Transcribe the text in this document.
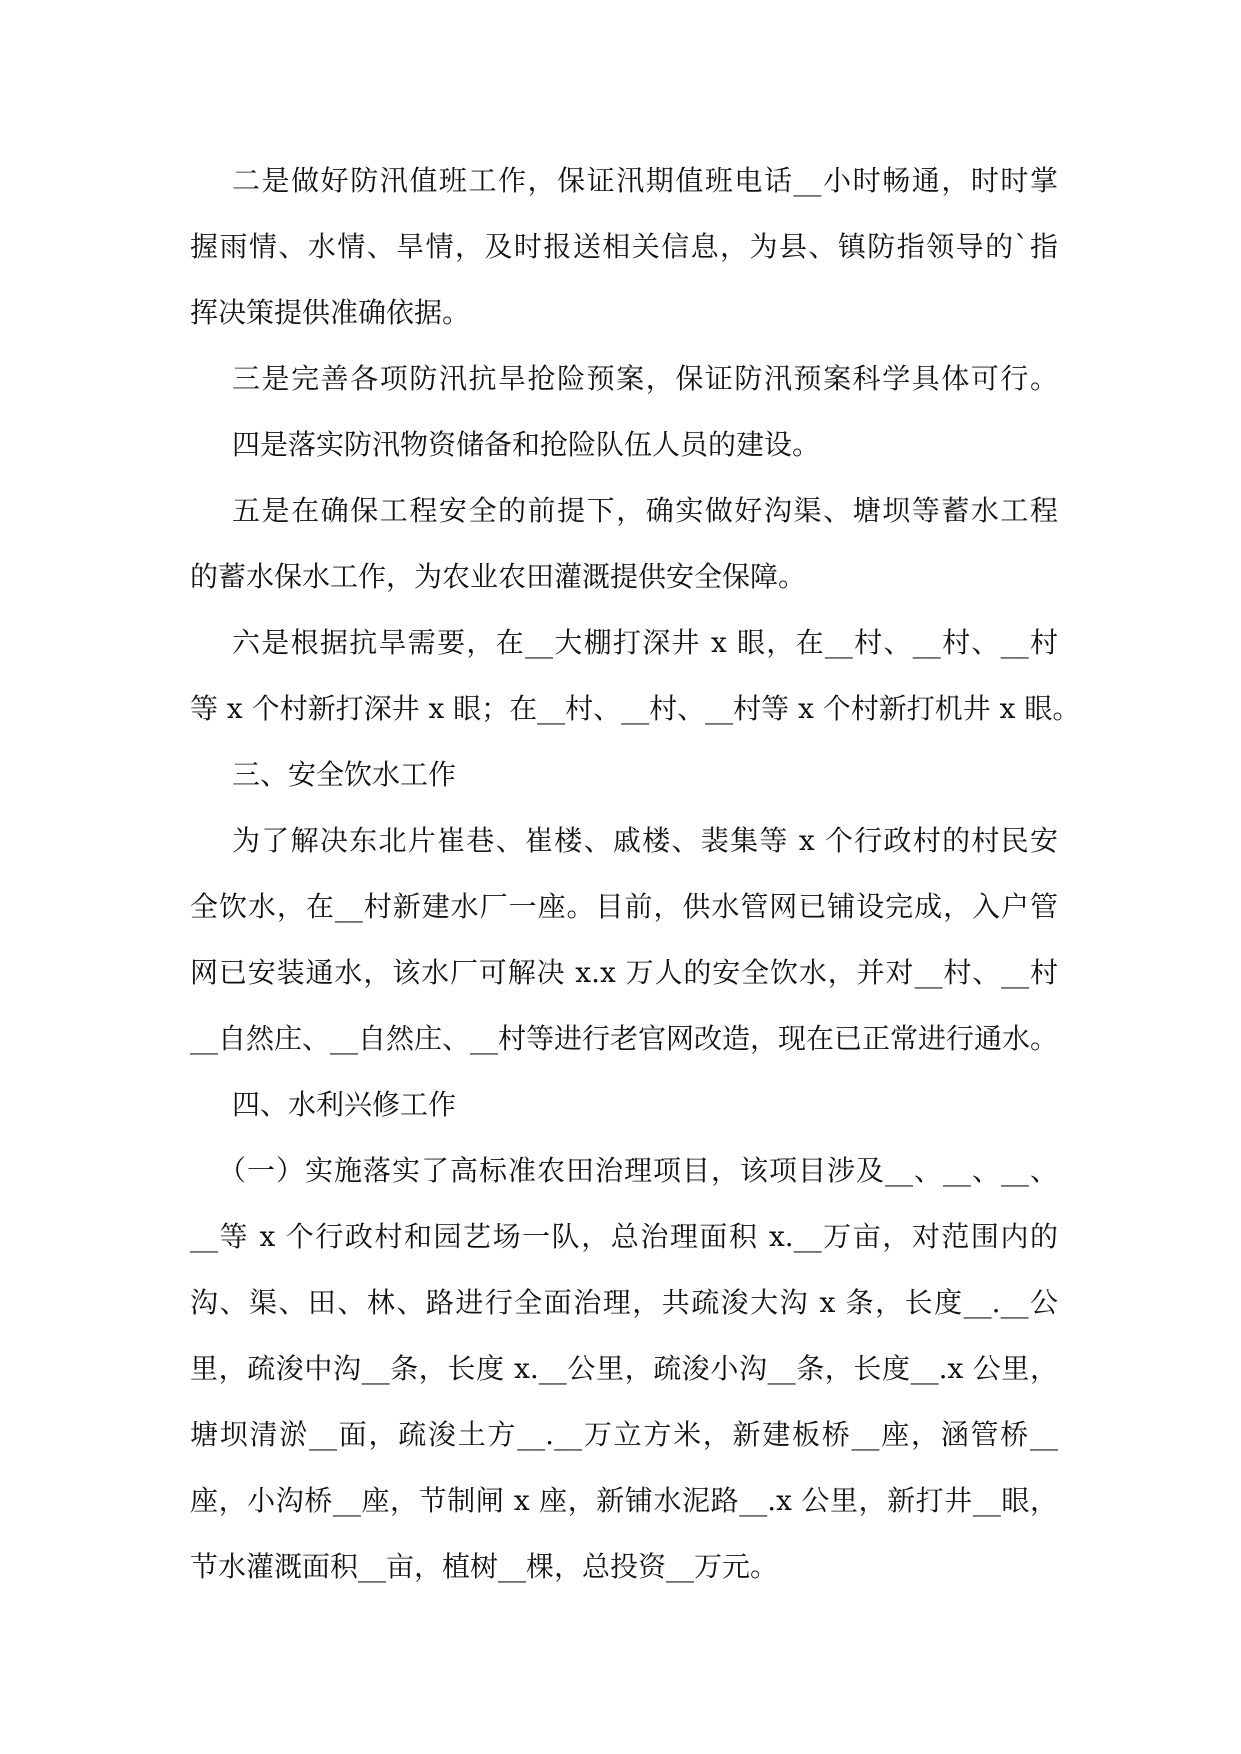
二是做好防汛值班工作，保证汛期值班电话__小时畅通，时时掌
握雨情、水情、旱情，及时报送相关信息，为县、镇防指领导的`指
挥决策提供准确依据。
三是完善各项防汛抗旱抢险预案，保证防汛预案科学具体可行。
四是落实防汛物资储备和抢险队伍人员的建设。
五是在确保工程安全的前提下，确实做好沟渠、塘坝等蓄水工程
的蓄水保水工作，为农业农田灌溉提供安全保障。
六是根据抗旱需要，在__大棚打深井 x 眼，在__村、__村、__村
等 x 个村新打深井 x 眼；在__村、__村、__村等 x 个村新打机井 x 眼。
三、安全饮水工作
为了解决东北片崔巷、崔楼、戚楼、裴集等 x 个行政村的村民安
全饮水，在__村新建水厂一座。目前，供水管网已铺设完成，入户管
网已安装通水，该水厂可解决 x.x 万人的安全饮水，并对__村、__村
__自然庄、__自然庄、__村等进行老官网改造，现在已正常进行通水。
四、水利兴修工作
（一）实施落实了高标准农田治理项目，该项目涉及__、__、__、
__等 x 个行政村和园艺场一队，总治理面积 x.__万亩，对范围内的
沟、渠、田、林、路进行全面治理，共疏浚大沟 x 条，长度__.__公
里，疏浚中沟__条，长度 x.__公里，疏浚小沟__条，长度__.x 公里，
塘坝清淤__面，疏浚土方__.__万立方米，新建板桥__座，涵管桥__
座，小沟桥__座，节制闸 x 座，新铺水泥路__.x 公里，新打井__眼，
节水灌溉面积__亩，植树__棵，总投资__万元。
